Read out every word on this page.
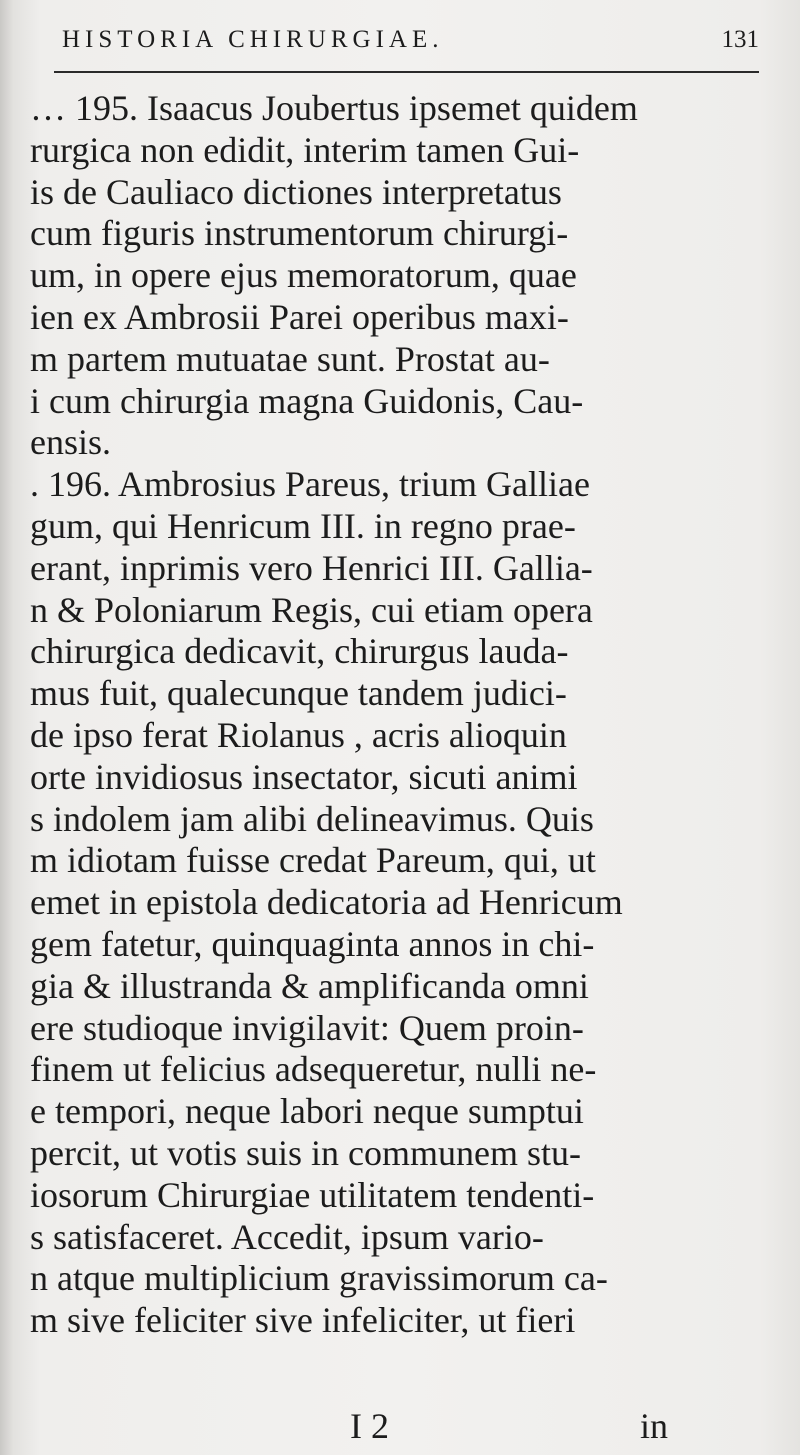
HISTORIA CHIRURGIAE.	131
… 195. Isaacus Joubertus ipsemet quidem
rurgica non edidit, interim tamen Gui-
is de Cauliaco dictiones interpretatus
cum figuris instrumentorum chirurgi-
um, in opere ejus memoratorum, quae
ien ex Ambrosii Parei operibus maxi-
m partem mutuatae sunt. Prostat au-
i cum chirurgia magna Guidonis, Cau-
ensis.
. 196. Ambrosius Pareus, trium Galliae
gum, qui Henricum III. in regno prae-
erant, inprimis vero Henrici III. Gallia-
n & Poloniarum Regis, cui etiam opera
chirurgica dedicavit, chirurgus lauda-
mus fuit, qualecunque tandem judici-
de ipso ferat Riolanus , acris alioquin
orte invidiosus insectator, sicuti animi
s indolem jam alibi delineavimus. Quis
m idiotam fuisse credat Pareum, qui, ut
emet in epistola dedicatoria ad Henricum
gem fatetur, quinquaginta annos in chi-
gia & illustranda & amplificanda omni
ere studioque invigilavit: Quem proin-
finem ut felicius adsequeretur, nulli ne-
e tempori, neque labori neque sumptui
percit, ut votis suis in communem stu-
iosorum Chirurgiae utilitatem tendenti-
s satisfaceret. Accedit, ipsum vario-
n atque multiplicium gravissimorum ca-
m sive feliciter sive infeliciter, ut fieri
I 2	in
